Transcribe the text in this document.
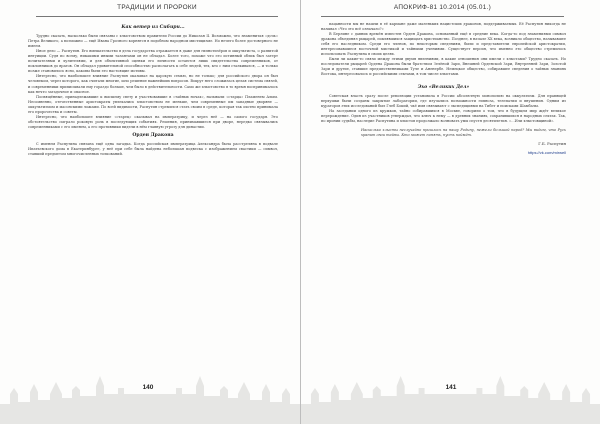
ТРАДИЦИИ И ПРОРОКИ
Как ветер из Сибири...

Трудно сказать, насколько были связаны с хлыстовством правители России до Николая II. Возможно, что знаменитая «дочь» Петра Великого, а возможно — ещё Ивана Грозного корнятся в подобном народном мистицизме. Но нечего более достоверного не имеем.

Иное дело — Распутин. Его вмешательство в дела государства отражается в даже для гипнотизёров и оккультиста, о развитой интуиции. Судя по всему, никакими иными талантами он не обладал. Более того, похоже что его истинный облик был затерт почитателями и хулителями, и для объективной оценки его личности остаются лишь свидетельства современников, от поклонников до врагов. Он обладал удивительной способностью располагать к себе людей, тех, кто с ним сталкивался, — и только позже становилось ясно, каковы были его настоящие мотивы.

Интересно, что наибольшее влияние Распутин оказывал на царскую семью, но не только; для российского двора он был человеком, через которого, как считали многие, шло решение важнейших вопросов. Вокруг него сложилась целая система связей, и современники приписывали ему гораздо больше, чем было в действительности. Само же хлыстовство в то время воспринималось как нечто загадочное и опасное.

Посвящённые, принадлежавшие к высшему свету и участвовавшие в «тайных ночах», называли «старца» Пламенем Алым. Несомненно, отечественные аристократы увлекались хлыстовством не меньше, чем современные им западные дворяне — оккультизмом и масонскими ложами. По всей видимости, Распутин стремился стать своим в среде, которая так охотно принимала его пророчества и советы.

Интересно, что наибольшее влияние «старец» оказывал на императрицу, и через неё — на самого государя. Это обстоятельство сыграло роковую роль в последующих событиях. Решения, принимавшиеся при дворе, нередко связывались современниками с его именем, а его противники видели в нём главную угрозу для династии.

Орден Дракона

С именем Распутина связана ещё одна загадка. Когда российская императрица Александра была расстреляна в подвале Ипатьевского дома в Екатеринбурге, у неё при себе была найдена небольшая подвеска с изображением свастики — символ, ставший предметом многочисленных толкований.

140
АПОКРИФ-81 10.2014 (05.01.)

пацанности мы не нашли в её кармане даже маленьких нацистских драконов, поддерживаемых. Её Распутин никогда не называл «Что это всё означало?»

В Берлине с давних времён известен Орден Дракона, основанный ещё в средние века. Когда-то под знамениями символ дракона объединял рыцарей, поклявшихся защищать христианство. Позднее, в начале XX века, возникло общество, называвшее себя его наследником. Среди его членов, по некоторым сведениям, были и представители европейской аристократии, интересовавшиеся восточной мистикой и тайными учениями. Существует версия, что именно это общество стремилось использовать Распутина в своих целях.

Были ли какие-то связи между этими двумя явлениями, в какие отношения они имели с хлыстами? Трудно сказать. Но последователи рыцарей Ордена Дракона были братством Зелёной Зари, Внешней Орденской Зари, Внутренней Зари, Золотой Зари и другие, ставшие предшественниками Туле и Аненербе. Немецкое общество, собиравшее сведения о тайных знаниях Востока, интересовалось и российскими сектами, в том числе хлыстами.

Эхо «Великих Дел»

Советская власть сразу после революции установила в России абсолютную монополию на оккультизм. Для правящей верхушки были созданы закрытые лаборатории, где изучались возможности гипноза, телепатии и внушения. Одним из кураторов этих исследований был Глеб Бокий, чьё имя связывают с экспедициями на Тибет и поисками Шамбалы.

На заседании одного из кружков, тайно собиравшихся в Москве, говорили о том, что в будущем мир ждёт великое перерождение. Один из участников утверждал, что ключ к нему — в древних знаниях, сохранившихся в народных сектах. Так, по иронии судьбы, наследие Распутина и хлыстов продолжало волновать умы спустя десятилетия. «...Или хлыстовщиной».

Насколько хлысты неслучайно пришлось на нашу Родину, нежели большой народ? Мы видим, что Русь хранит свои тайны. Кто может понять, пусть поймёт.

Г.Б. Распутин

https://vk.com/mirwell

141
